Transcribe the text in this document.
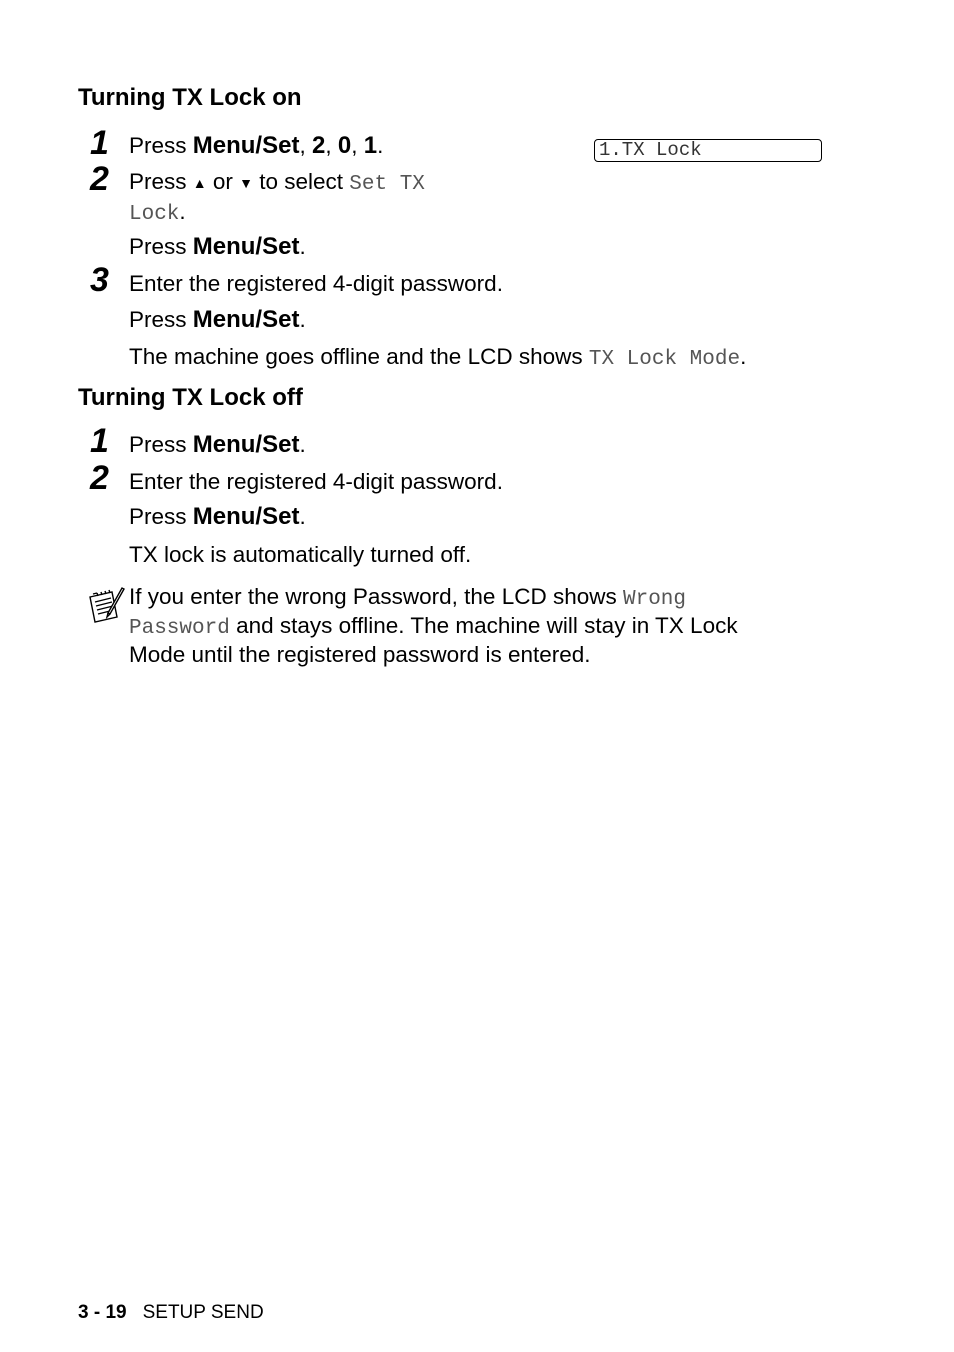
Turning TX Lock on
1.TX Lock
1 Press Menu/Set, 2, 0, 1.
2 Press ▲ or ▼ to select Set TX
Lock.
Press Menu/Set.
3 Enter the registered 4-digit password.
Press Menu/Set.
The machine goes offline and the LCD shows TX Lock Mode.
Turning TX Lock off
1 Press Menu/Set.
2 Enter the registered 4-digit password.
Press Menu/Set.
TX lock is automatically turned off.
If you enter the wrong Password, the LCD shows Wrong
Password and stays offline. The machine will stay in TX Lock
Mode until the registered password is entered.
3 - 19 SETUP SEND
